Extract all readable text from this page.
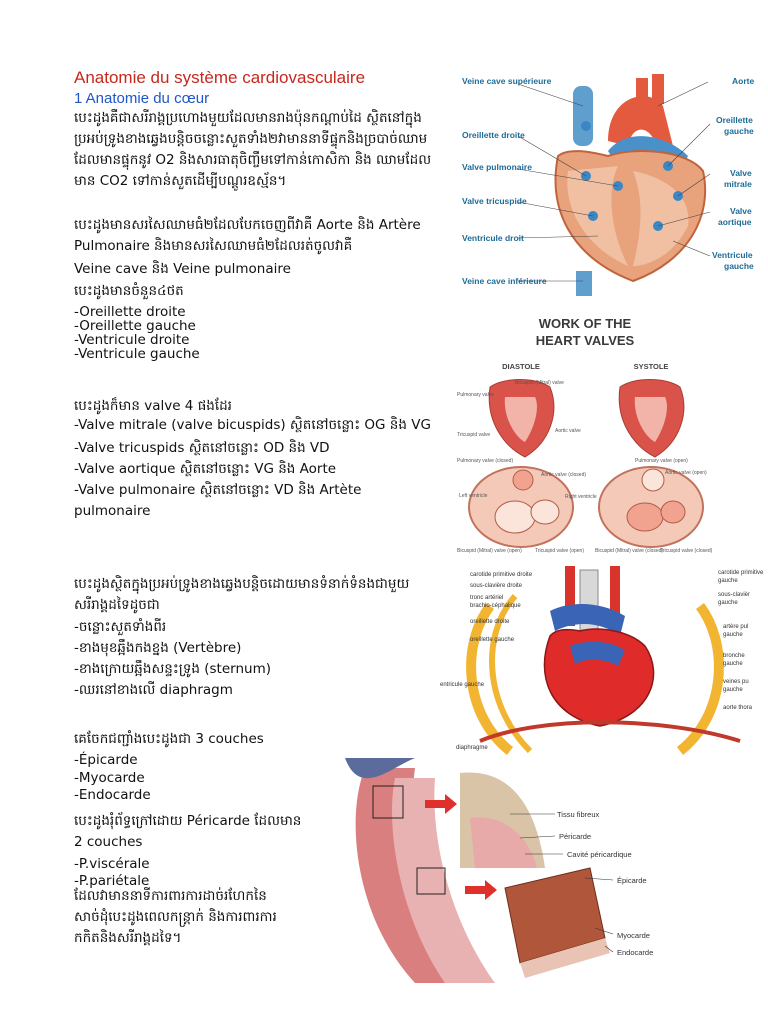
Anatomie du système cardiovasculaire
1 Anatomie du cœur
បេះដូងគឺជាសរីរាង្គប្រហោងមួយដែលមានរាងប៉ុនកណ្ដាប់ដៃ ស្ថិតនៅក្នុងប្រអប់ទ្រូងខាងឆ្វេងបន្តិចចន្លោះសួតទាំង២វាមាននាទីផ្ទុកនិងច្របាច់ឈាមដែលមានផ្ទុកនូវ O2 និងសារធាតុចិញ្ចឹមទៅកាន់កោសិកា និង ឈាមដែលមាន CO2 ទៅកាន់សួតដើម្បីបណ្ដូរឧស្ម័ន។
បេះដូងមានសរសៃឈាមធំ២ដែលបែកចេញពីវាគឺ Aorte និង Artère Pulmonaire និងមានសរសៃឈាមធំ២ដែលរត់ចូលវាគឺ
Veine cave និង Veine pulmonaire
បេះដូងមានចំនួន៤ថត
-Oreillette droite
-Oreillette gauche
-Ventricule droite
-Ventricule gauche
បេះដូងក៏មាន valve 4 ផងដែរ
-Valve mitrale (valve bicuspids) ស្ថិតនៅចន្លោះ OG និង VG
-Valve tricuspids ស្ថិតនៅចន្លោះ OD និង VD
-Valve aortique ស្ថិតនៅចន្លោះ VG និង Aorte
-Valve pulmonaire ស្ថិតនៅចន្លោះ VD និង Artète pulmonaire
បេះដូងស្ថិតក្នុងប្រអប់ទ្រូងខាងឆ្វេងបន្តិចដោយមានទំនាក់ទំនងជាមួយសរីរាង្គដទៃដូចជា
-ចន្លោះសួតទាំងពីរ
-ខាងមុខឆ្អឹងកងខ្នង (Vertèbre)
-ខាងក្រោយឆ្អឹងសន្ទះទ្រូង (sternum)
-ឈរនៅខាងលើ diaphragm
គេចែកជញ្ជាំងបេះដូងជា 3 couches
-Épicarde
-Myocarde
-Endocarde
បេះដូងរុំព័ទ្ធក្រៅដោយ Péricarde ដែលមាន 2 couches
-P.viscérale
-P.pariétale
ដែលវាមាននាទីការពារការដាច់រហែកនៃសាច់ដុំបេះដូងពេលកន្ត្រាក់ និងការពារការកកិតនិងសរីរាង្គដទៃ។
Veine cave supérieure
Oreillette droite
Valve pulmonaire
Valve tricuspide
Ventricule droit
Veine cave inférieure
Aorte
Oreillette
gauche
Valve
mitrale
Valve
aortique
Ventricule
gauche
WORK OF THE
HEART VALVES
DIASTOLE	SYSTOLE
Pulmonary valve
Bicuspid (Mitral) valve
Aortic valve
Tricuspid valve
Pulmonary valve (closed)
Aortic valve (closed)
Right ventricle
Left ventricle
Bicuspid (Mitral) valve (open)	Tricuspid valve (open)
Pulmonary valve (open)
Aortic valve (open)
Bicuspid (Mitral) valve (closed)
Tricuspid valve (closed)
carotide primitive droite
sous-clavière droite
tronc artériel
brachio-céphalique
oreillette droite
oreillette gauche
entricule gauche
diaphragme
carotide primitive
gauche
sous-clavièr
gauche
artère pul
gauche
bronche
gauche
veines pu
gauche
aorte thora
Tissu fibreux
Péricarde
Cavité péricardique
Épicarde
Myocarde
Endocarde
